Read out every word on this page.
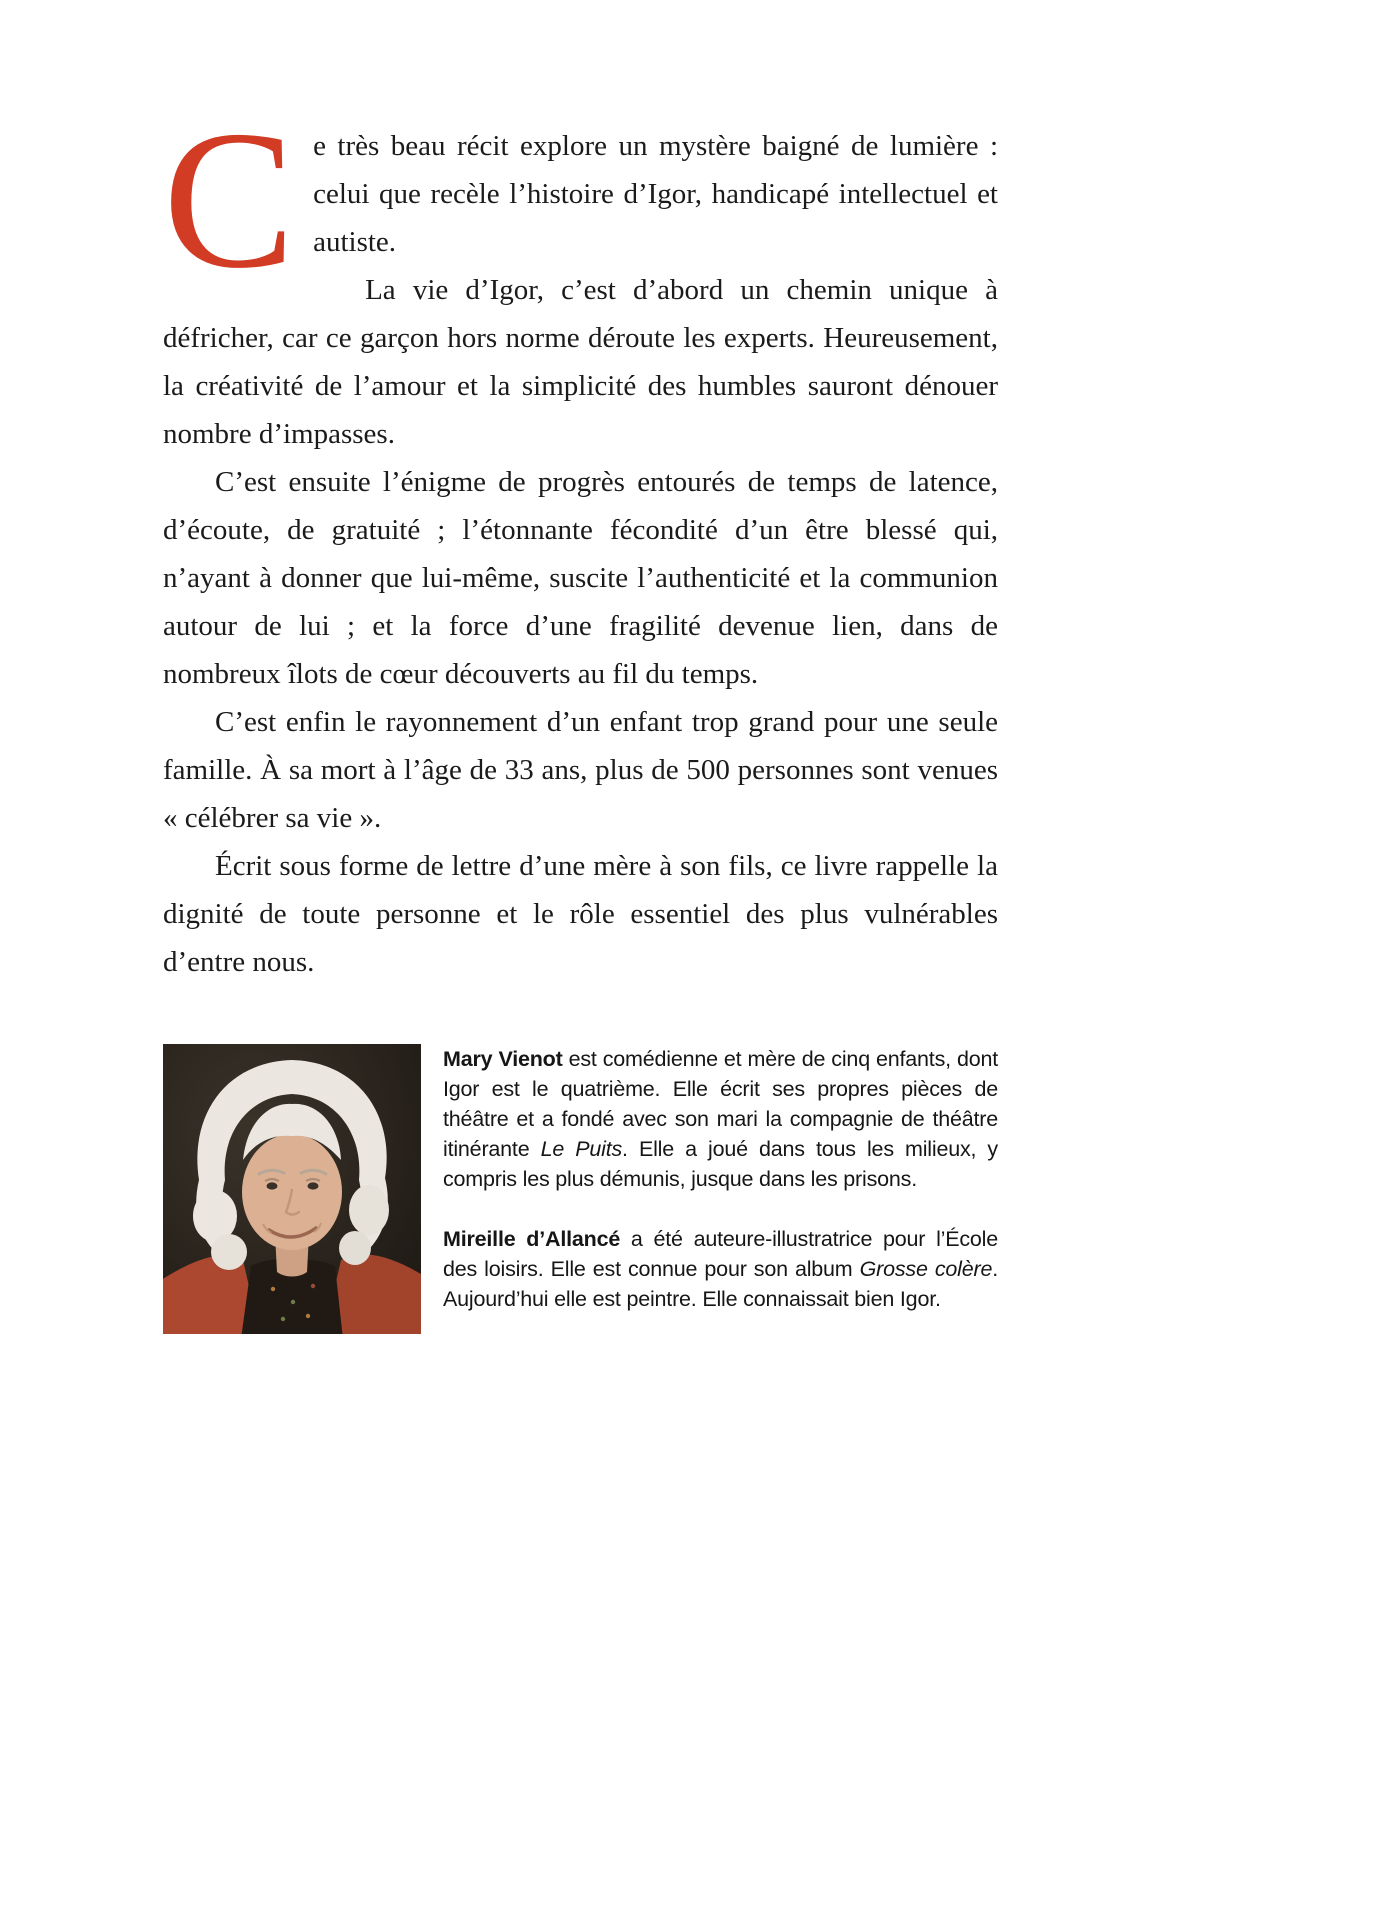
Ce très beau récit explore un mystère baigné de lumière : celui que recèle l’histoire d’Igor, handicapé intellectuel et autiste.

La vie d’Igor, c’est d’abord un chemin unique à défricher, car ce garçon hors norme déroute les experts. Heureusement, la créativité de l’amour et la simplicité des humbles sauront dénouer nombre d’impasses.

C’est ensuite l’énigme de progrès entourés de temps de latence, d’écoute, de gratuité ; l’étonnante fécondité d’un être blessé qui, n’ayant à donner que lui-même, suscite l’authenticité et la communion autour de lui ; et la force d’une fragilité devenue lien, dans de nombreux îlots de cœur découverts au fil du temps.

C’est enfin le rayonnement d’un enfant trop grand pour une seule famille. À sa mort à l’âge de 33 ans, plus de 500 personnes sont venues « célébrer sa vie ».

Écrit sous forme de lettre d’une mère à son fils, ce livre rappelle la dignité de toute personne et le rôle essentiel des plus vulnérables d’entre nous.

Mary Vienot est comédienne et mère de cinq enfants, dont Igor est le quatrième. Elle écrit ses propres pièces de théâtre et a fondé avec son mari la compagnie de théâtre itinérante Le Puits. Elle a joué dans tous les milieux, y compris les plus démunis, jusque dans les prisons.

Mireille d’Allancé a été auteure-illustratrice pour l’École des loisirs. Elle est connue pour son album Grosse colère. Aujourd’hui elle est peintre. Elle connaissait bien Igor.
